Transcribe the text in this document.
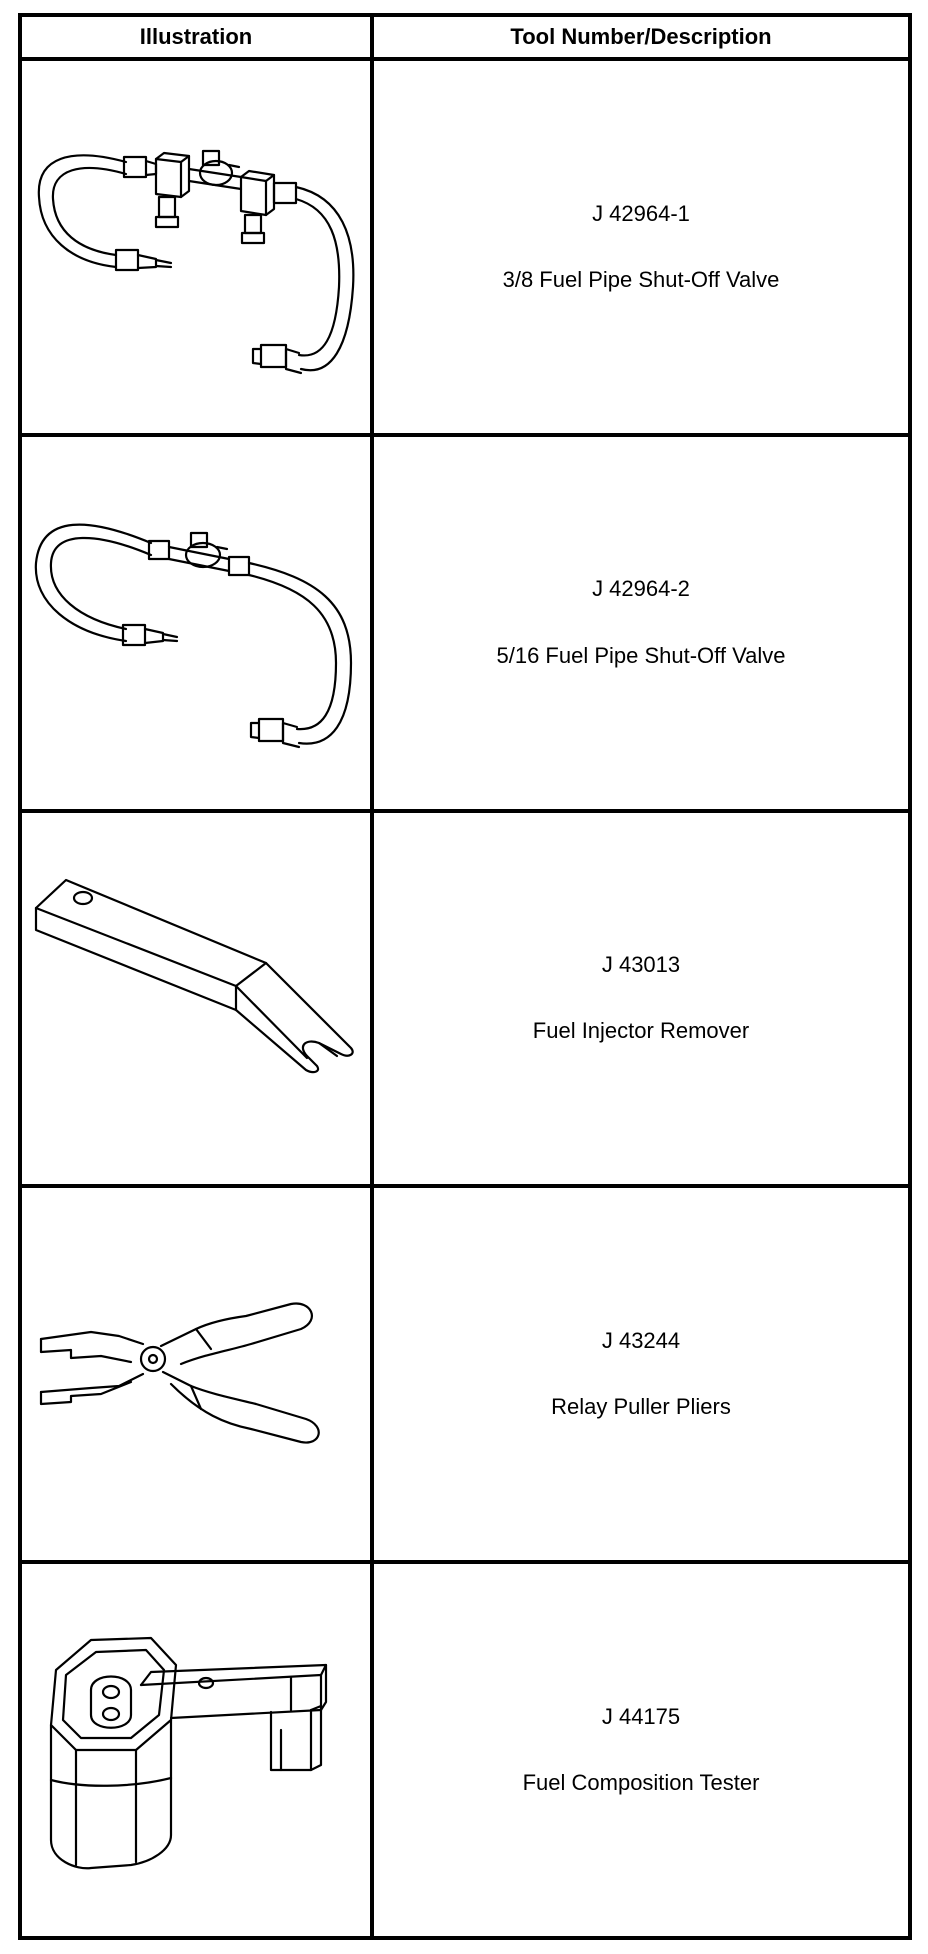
Illustration	Tool Number/Description

J 42964-1
3/8 Fuel Pipe Shut-Off Valve

J 42964-2
5/16 Fuel Pipe Shut-Off Valve

J 43013
Fuel Injector Remover

J 43244
Relay Puller Pliers

J 44175
Fuel Composition Tester
